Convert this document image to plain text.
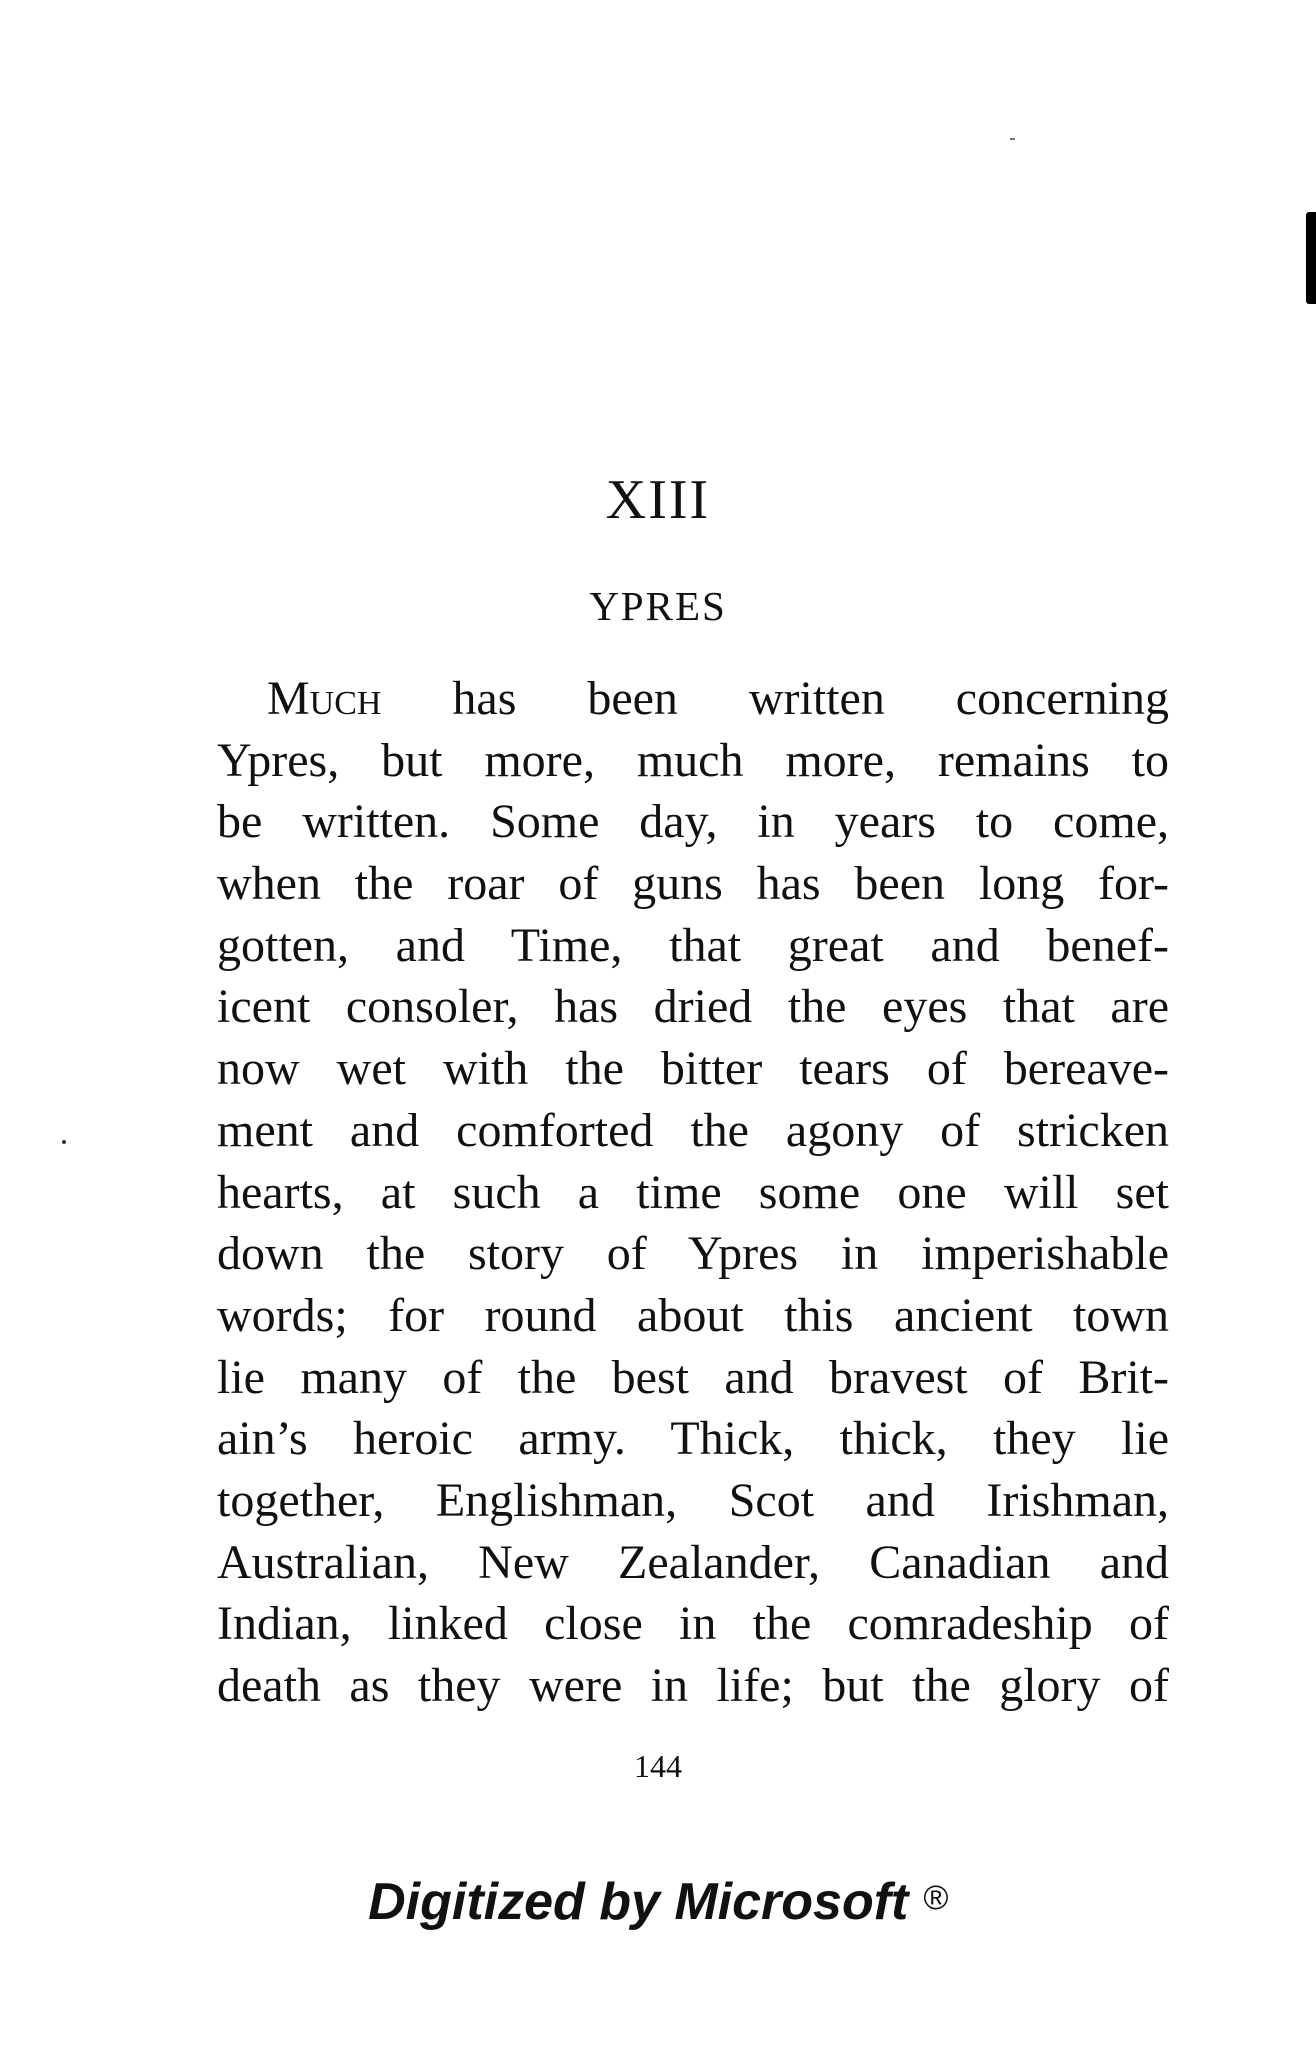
XIII
YPRES
Much has been written concerning
Ypres, but more, much more, remains to
be written. Some day, in years to come,
when the roar of guns has been long for-
gotten, and Time, that great and benef-
icent consoler, has dried the eyes that are
now wet with the bitter tears of bereave-
ment and comforted the agony of stricken
hearts, at such a time some one will set
down the story of Ypres in imperishable
words; for round about this ancient town
lie many of the best and bravest of Brit-
ain’s heroic army. Thick, thick, they lie
together, Englishman, Scot and Irishman,
Australian, New Zealander, Canadian and
Indian, linked close in the comradeship of
death as they were in life; but the glory of
144
Digitized by Microsoft ®
